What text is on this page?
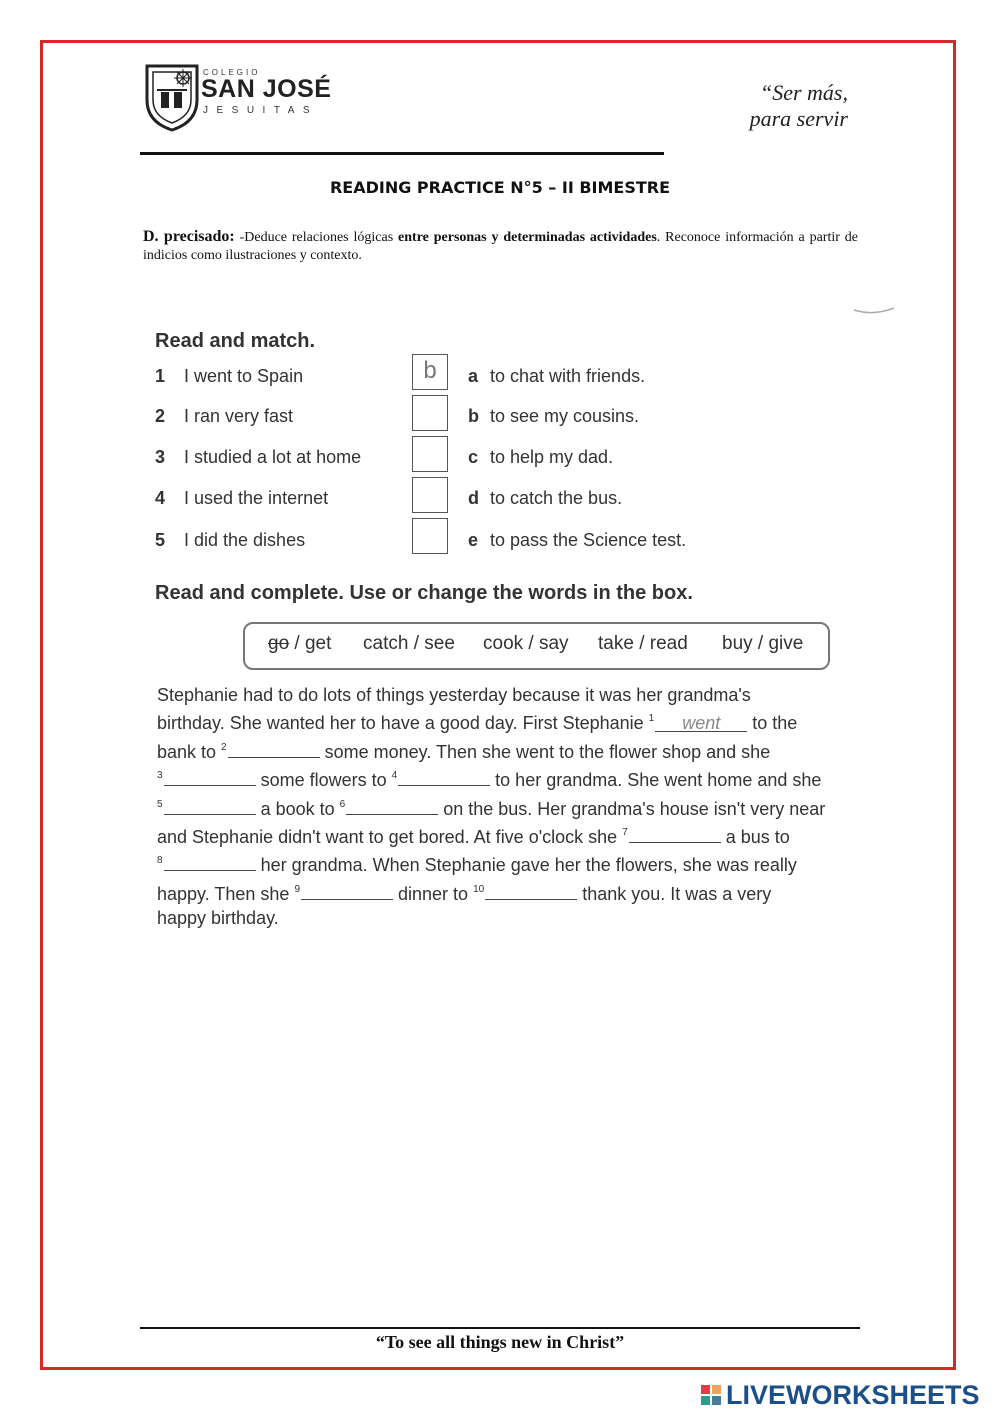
COLEGIO
SAN JOSÉ
JESUITAS
“Ser más,
para servir
READING PRACTICE N°5 – II BIMESTRE
D. precisado: -Deduce relaciones lógicas entre personas y determinadas actividades. Reconoce información a partir de indicios como ilustraciones y contexto.
Read and match.
1 I went to Spain	b	a to chat with friends.
2 I ran very fast	b to see my cousins.
3 I studied a lot at home	c to help my dad.
4 I used the internet	d to catch the bus.
5 I did the dishes	e to pass the Science test.
Read and complete. Use or change the words in the box.
go / get catch / see cook / say take / read buy / give
Stephanie had to do lots of things yesterday because it was her grandma's
birthday. She wanted her to have a good day. First Stephanie $^1$ went to the
bank to $^2$	some money. Then she went to the flower shop and she
$^3$	some flowers to $^4$	to her grandma. She went home and she
$^5$	a book to $^6$	on the bus. Her grandma's house isn't very near
and Stephanie didn't want to get bored. At five o'clock she $^7$	a bus to
$^8$	her grandma. When Stephanie gave her the flowers, she was really
happy. Then she $^9$	dinner to $^{10}$	thank you. It was a very
happy birthday.
“To see all things new in Christ”
LIVEWORKSHEETS
